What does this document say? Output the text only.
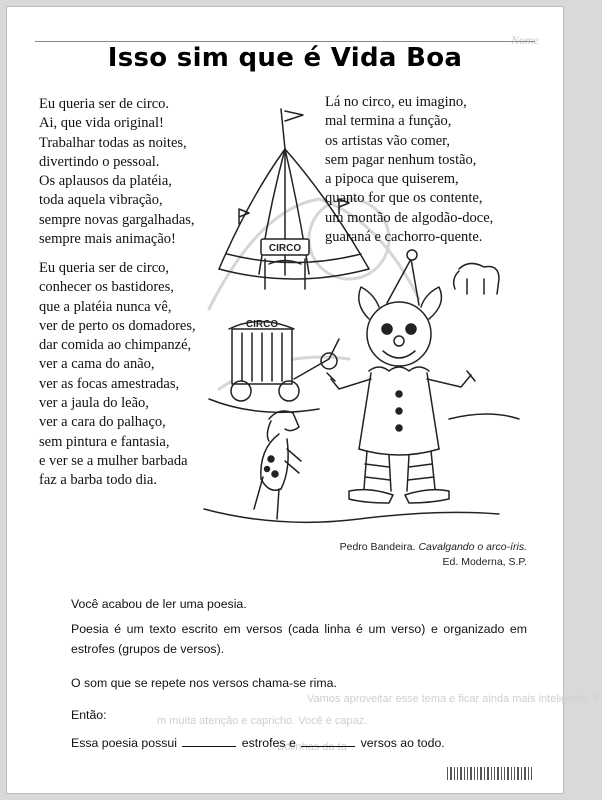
Nome
Isso sim que é Vida Boa
CIRCO
CIRCO
Eu queria ser de circo.
Ai, que vida original!
Trabalhar todas as noites,
divertindo o pessoal.
Os aplausos da platéia,
toda aquela vibração,
sempre novas gargalhadas,
sempre mais animação!
Eu queria ser de circo,
conhecer os bastidores,
que a platéia nunca vê,
ver de perto os domadores,
dar comida ao chimpanzé,
ver a cama do anão,
ver as focas amestradas,
ver a jaula do leão,
ver a cara do palhaço,
sem pintura e fantasia,
e ver se a mulher barbada
faz a barba todo dia.
Lá no circo, eu imagino,
mal termina a função,
os artistas vão comer,
sem pagar nenhum tostão,
a pipoca que quiserem,
quanto for que os contente,
um montão de algodão-doce,
guaraná e cachorro-quente.
Pedro Bandeira. Cavalgando o arco-íris.
Ed. Moderna, S.P.
Vamos aproveitar esse tema e ficar ainda mais inteligente. F
m muita atenção e capricho. Você é capaz.
Bolinhas da ta
Você acabou de ler uma poesia.
Poesia é um texto escrito em versos (cada linha é um verso) e organizado em estrofes (grupos de versos).
O som que se repete nos versos chama-se rima.
Então:
Essa poesia possui	estrofes e	versos ao todo.
